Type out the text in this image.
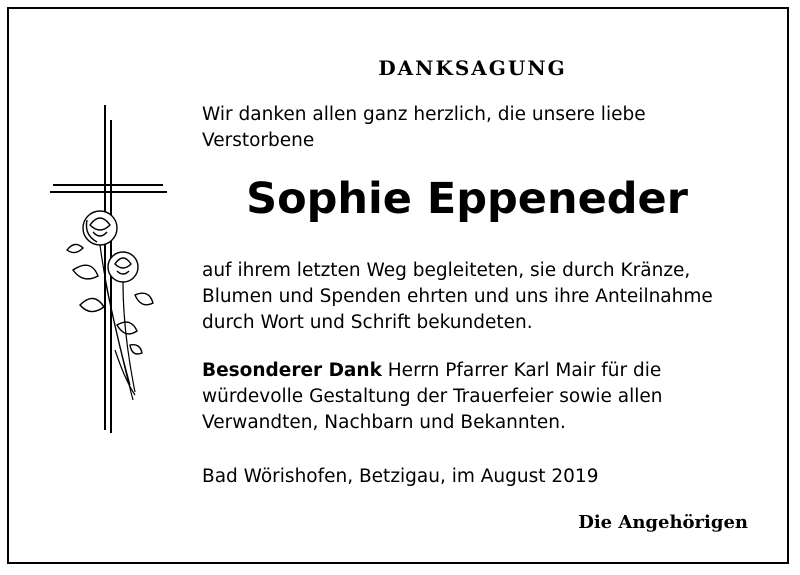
DANKSAGUNG
Wir danken allen ganz herzlich, die unsere liebe Verstorbene
Sophie Eppeneder
auf ihrem letzten Weg begleiteten, sie durch Kränze, Blumen und Spenden ehrten und uns ihre Anteilnahme durch Wort und Schrift bekundeten.
Besonderer Dank Herrn Pfarrer Karl Mair für die würdevolle Gestaltung der Trauerfeier sowie allen Verwandten, Nachbarn und Bekannten.
Bad Wörishofen, Betzigau, im August 2019
Die Angehörigen
